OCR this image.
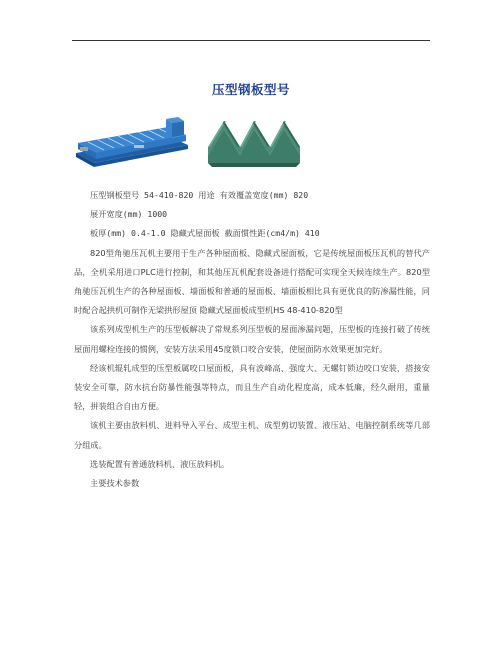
压型钢板型号

压型钢板型号 54-410-820 用途 有效覆盖宽度(mm) 820

展开宽度(mm) 1000

板厚(mm) 0.4-1.0 隐藏式屋面板 截面惯性距(cm4/m) 410

820型角驰压瓦机主要用于生产各种屋面板、隐藏式屋面板，它是传统屋面板压瓦机的替代产品，全机采用进口PLC进行控制，和其他压瓦机配套设备进行搭配可实现全天候连续生产。820型角驰压瓦机生产的各种屋面板、墙面板和普通的屋面板、墙面板相比具有更优良的防渗漏性能，同时配合起拱机可制作无梁拱形屋顶 隐藏式屋面板成型机HS 48-410-820型

该系列成型机生产的压型板解决了常规系列压型板的屋面渗漏问题，压型板的连接打破了传统屋面用螺栓连接的惯例，安装方法采用45度锁口咬合安装，使屋面防水效果更加完好。

经该机辊轧成型的压型板属咬口屋面板，具有波峰高、强度大、无螺钉锁边咬口安装，搭接安装安全可靠，防水抗台防暴性能强等特点，而且生产自动化程度高，成本低廉，经久耐用，重量轻，拼装组合自由方便。

该机主要由放料机、进料导入平台、成型主机、成型剪切装置、液压站、电脑控制系统等几部分组成。

选装配置有普通放料机、液压放料机。

主要技术参数
